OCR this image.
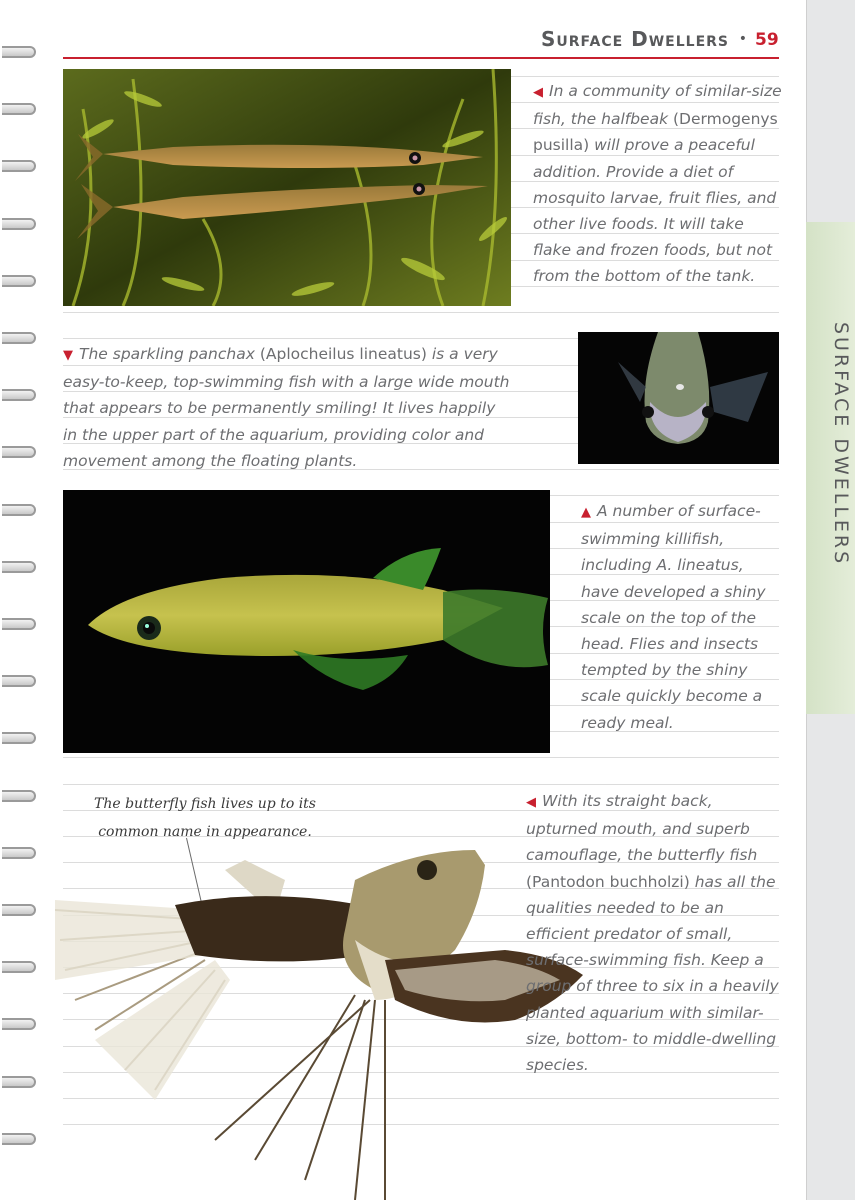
SURFACE DWELLERS
Surface Dwellers • 59
◀ In a community of similar-size fish, the halfbeak (Dermogenys pusilla) will prove a peaceful addition. Provide a diet of mosquito larvae, fruit flies, and other live foods. It will take flake and frozen foods, but not from the bottom of the tank.
▼ The sparkling panchax (Aplocheilus lineatus) is a very easy-to-keep, top-swimming fish with a large wide mouth that appears to be permanently smiling! It lives happily in the upper part of the aquarium, providing color and movement among the floating plants.
▲ A number of surface-swimming killifish, including A. lineatus, have developed a shiny scale on the top of the head. Flies and insects tempted by the shiny scale quickly become a ready meal.
The butterfly fish lives up to its common name in appearance.
◀ With its straight back, upturned mouth, and superb camouflage, the butterfly fish (Pantodon buchholzi) has all the qualities needed to be an efficient predator of small, surface-swimming fish. Keep a group of three to six in a heavily planted aquarium with similar-size, bottom- to middle-dwelling species.
